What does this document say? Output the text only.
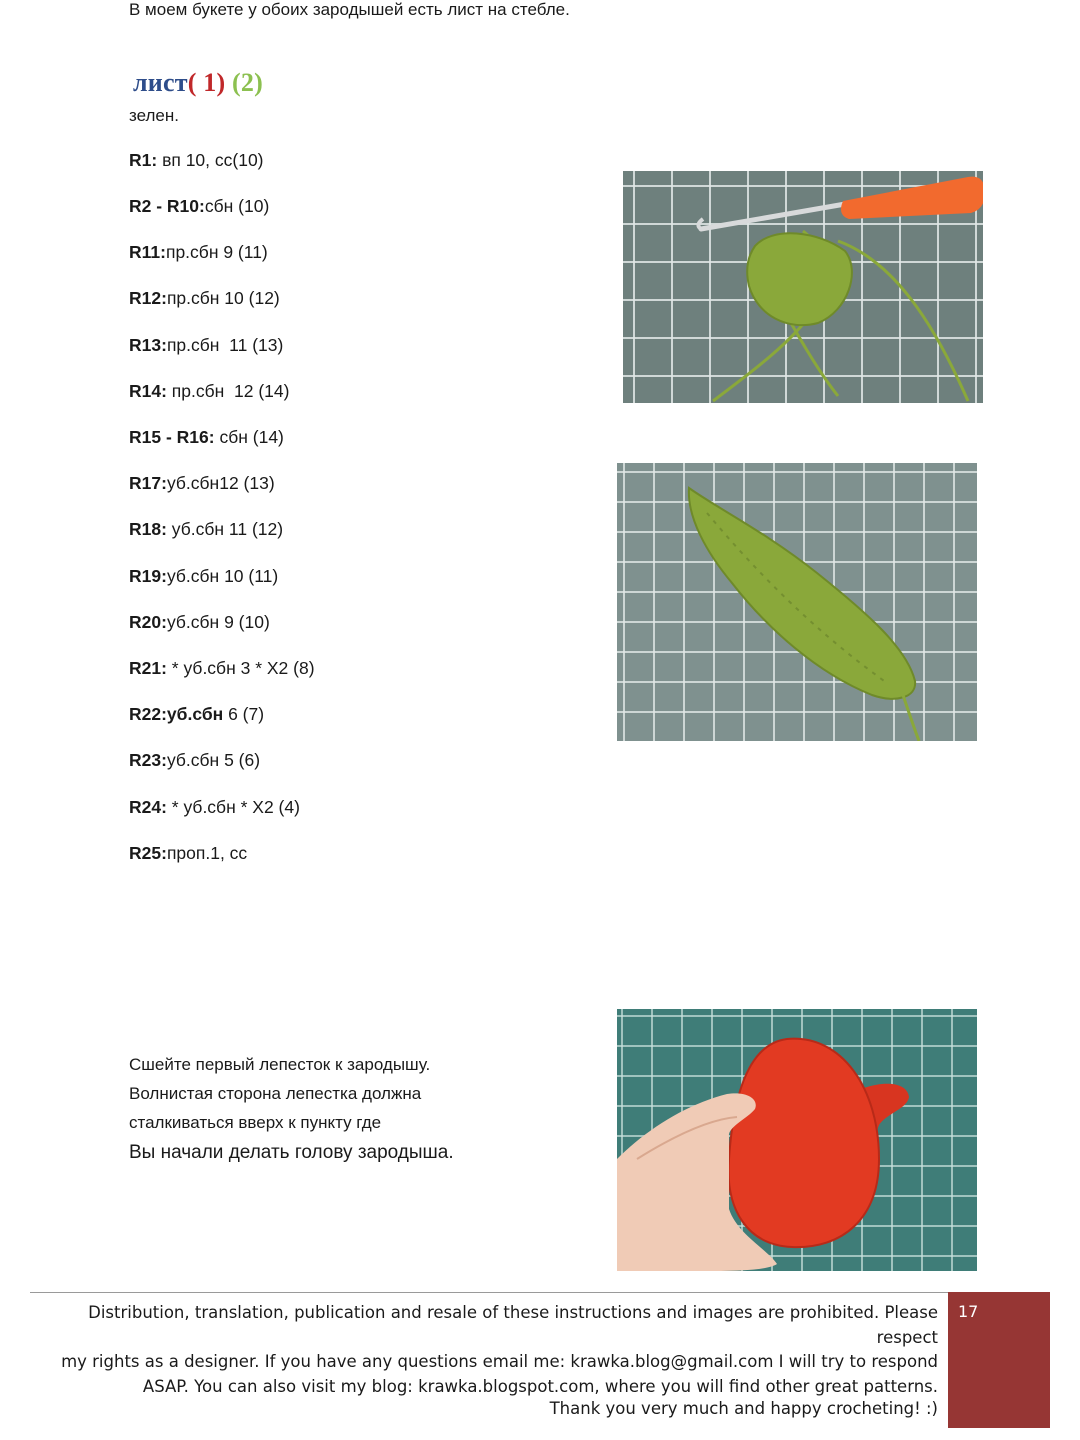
В моем букете у обоих зародышей есть лист на стебле.
лист( 1) (2)
зелен.
R1: вп 10, сс(10)
R2 - R10:сбн (10)
R11:пр.сбн 9 (11)
R12:пр.сбн 10 (12)
R13:пр.сбн  11 (13)
R14: пр.сбн  12 (14)
R15 - R16: сбн (14)
R17:уб.сбн12 (13)
R18: уб.сбн 11 (12)
R19:уб.сбн 10 (11)
R20:уб.сбн 9 (10)
R21: * уб.сбн 3 * X2 (8)
R22:уб.сбн 6 (7)
R23:уб.сбн 5 (6)
R24: * уб.сбн * X2 (4)
R25:проп.1, сс
Сшейте первый лепесток к зародышу.
Волнистая сторона лепестка должна
сталкиваться вверх к пункту где
Вы начали делать голову зародыша.
Distribution, translation, publication and resale of these instructions and images are prohibited. Please respect
my rights as a designer. If you have any questions email me: krawka.blog@gmail.com I will try to respond
ASAP. You can also visit my blog: krawka.blogspot.com, where you will find other great patterns.
Thank you very much and happy crocheting! :)
17
